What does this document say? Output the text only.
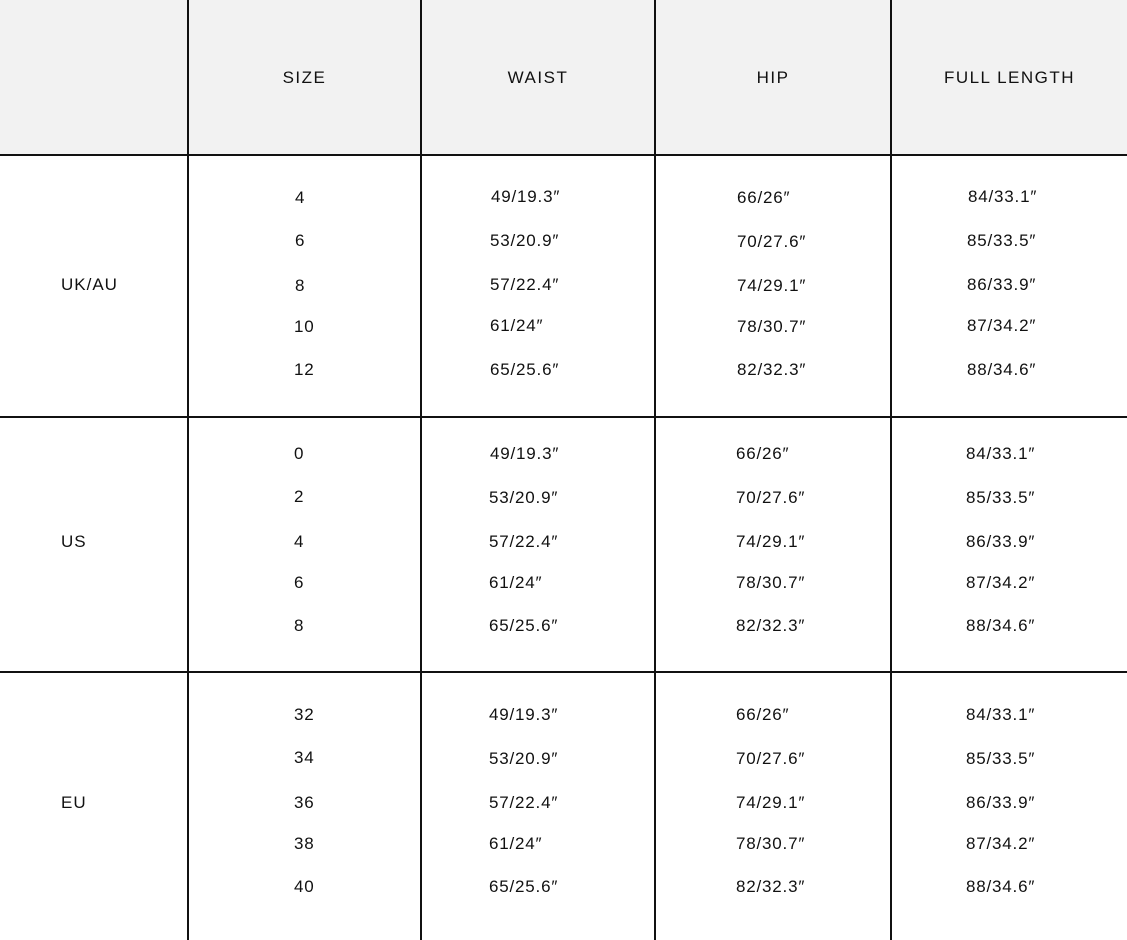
SIZE	WAIST	HIP	FULL LENGTH
UK/AU
4	49/19.3″	66/26″	84/33.1″
6	53/20.9″	70/27.6″	85/33.5″
8	57/22.4″	74/29.1″	86/33.9″
10	61/24″	78/30.7″	87/34.2″
12	65/25.6″	82/32.3″	88/34.6″
US
0	49/19.3″	66/26″	84/33.1″
2	53/20.9″	70/27.6″	85/33.5″
4	57/22.4″	74/29.1″	86/33.9″
6	61/24″	78/30.7″	87/34.2″
8	65/25.6″	82/32.3″	88/34.6″
EU
32	49/19.3″	66/26″	84/33.1″
34	53/20.9″	70/27.6″	85/33.5″
36	57/22.4″	74/29.1″	86/33.9″
38	61/24″	78/30.7″	87/34.2″
40	65/25.6″	82/32.3″	88/34.6″
